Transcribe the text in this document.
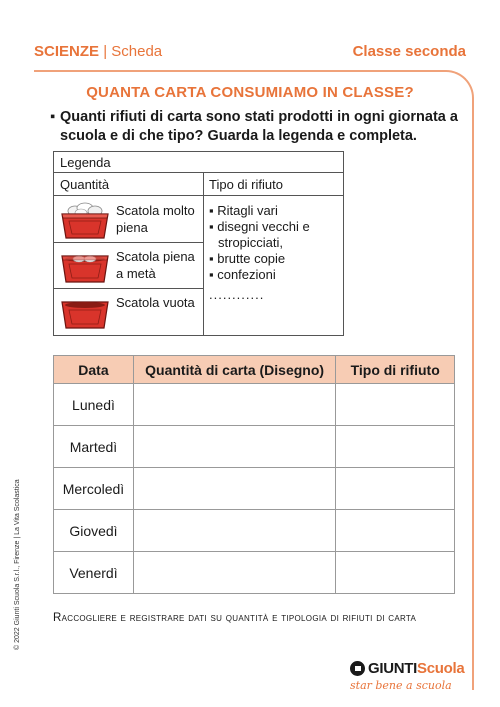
SCIENZE | Scheda	Classe seconda
QUANTA CARTA CONSUMIAMO IN CLASSE?
▪ Quanti rifiuti di carta sono stati prodotti in ogni giornata a scuola e di che tipo? Guarda la legenda e completa.
Legenda
Quantità	Tipo di rifiuto
Scatola molto piena
Scatola piena a metà
Scatola vuota
▪ Ritagli vari
▪ disegni vecchi e stropicciati,
▪ brutte copie
▪ confezioni
............
Data	Quantità di carta (Disegno)	Tipo di rifiuto
Lunedì		
Martedì		
Mercoledì		
Giovedì		
Venerdì		
Raccogliere e registrare dati su quantità e tipologia di rifiuti di carta
© 2022 Giunti Scuola S.r.l., Firenze | La Vita Scolastica
GIUNTIScuola
star bene a scuola
